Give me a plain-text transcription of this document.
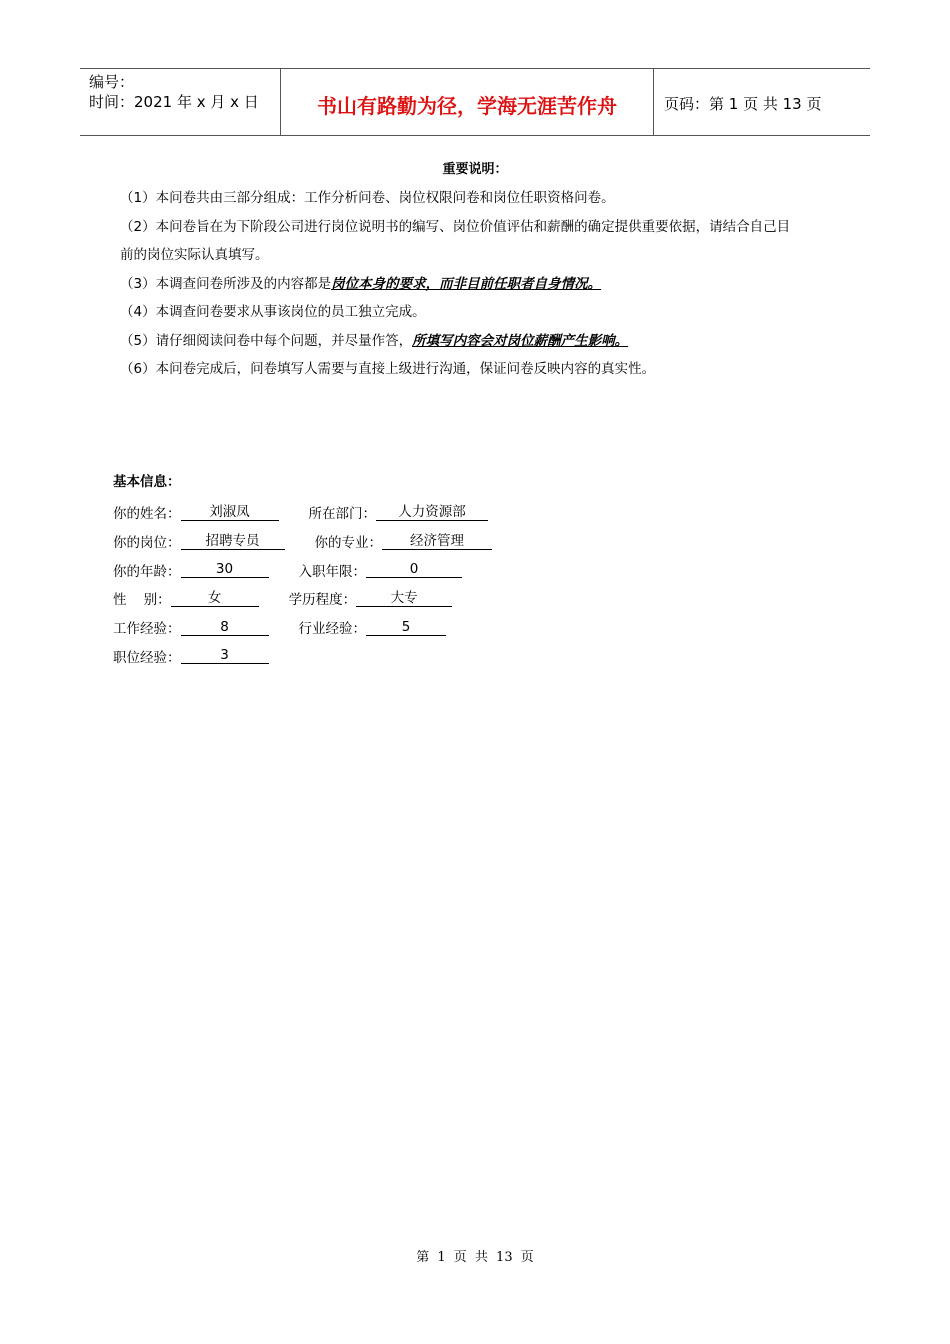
编号：
时间：2021 年 x 月 x 日	书山有路勤为径，学海无涯苦作舟	页码：第 1 页 共 13 页
重要说明：

（1）本问卷共由三部分组成：工作分析问卷、岗位权限问卷和岗位任职资格问卷。

（2）本问卷旨在为下阶段公司进行岗位说明书的编写、岗位价值评估和薪酬的确定提供重要依据，请结合自己目

前的岗位实际认真填写。

（3）本调查问卷所涉及的内容都是岗位本身的要求，而非目前任职者自身情况。

（4）本调查问卷要求从事该岗位的员工独立完成。

（5）请仔细阅读问卷中每个问题，并尽量作答，所填写内容会对岗位薪酬产生影响。

（6）本问卷完成后，问卷填写人需要与直接上级进行沟通，保证问卷反映内容的真实性。

基本信息：
你的姓名：	刘淑凤	所在部门：	人力资源部
你的岗位：	招聘专员	你的专业：	经济管理
你的年龄：	30	入职年限：	0
性    别：	女	学历程度：	大专
工作经验：	8	行业经验：	5
职位经验：	3
第 1 页 共 13 页
